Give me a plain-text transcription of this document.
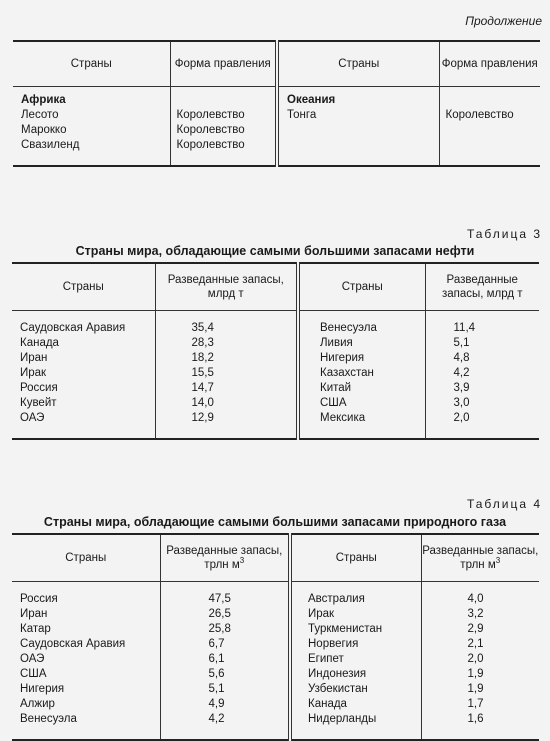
Продолжение
Страны	Форма правления	Страны	Форма правления
Африка		Океания	
Лесото	Королевство	Тонга	Королевство
Марокко	Королевство		
Свазиленд	Королевство		

Таблица 3
Страны мира, обладающие самыми большими запасами нефти
Страны	Разведанные запасы, млрд т	Страны	Разведанные запасы, млрд т
Саудовская Аравия	35,4	Венесуэла	11,4
Канада	28,3	Ливия	5,1
Иран	18,2	Нигерия	4,8
Ирак	15,5	Казахстан	4,2
Россия	14,7	Китай	3,9
Кувейт	14,0	США	3,0
ОАЭ	12,9	Мексика	2,0

Таблица 4
Страны мира, обладающие самыми большими запасами природного газа
Страны	Разведанные запасы, трлн $м^3$	Страны	Разведанные запасы, трлн $м^3$
Россия	47,5	Австралия	4,0
Иран	26,5	Ирак	3,2
Катар	25,8	Туркменистан	2,9
Саудовская Аравия	6,7	Норвегия	2,1
ОАЭ	6,1	Египет	2,0
США	5,6	Индонезия	1,9
Нигерия	5,1	Узбекистан	1,9
Алжир	4,9	Канада	1,7
Венесуэла	4,2	Нидерланды	1,6
